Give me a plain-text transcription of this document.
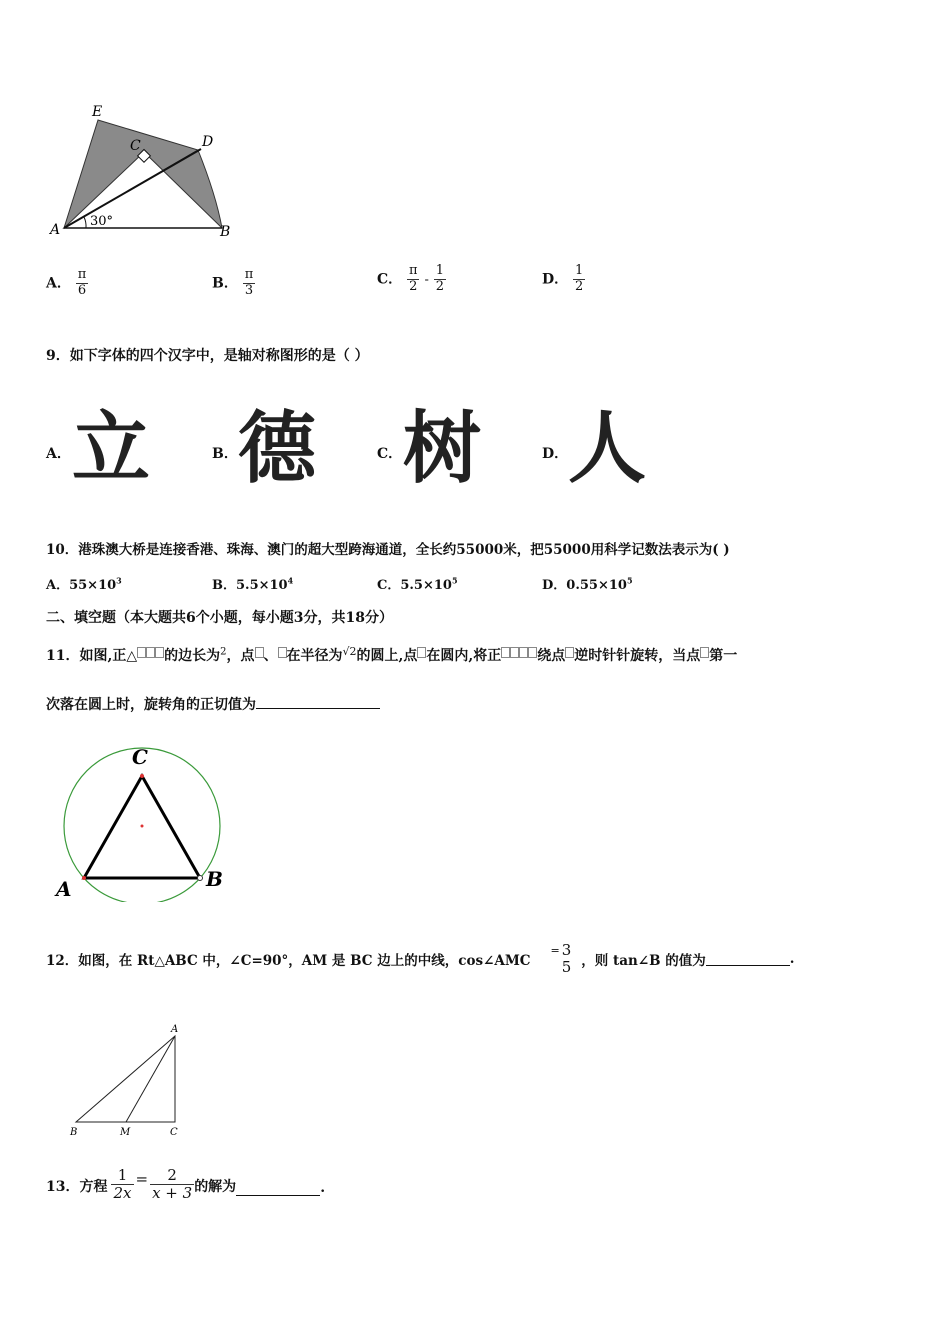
E
C	D
A	B
30°
A． $\frac{\pi}{6}$	B． $\frac{\pi}{3}$	C． $\frac{\pi}{2} - \frac{1}{2}$	D． $\frac{1}{2}$
9．如下字体的四个汉字中，是轴对称图形的是（ ）
A． 立	B． 德	C． 树	D． 人
10．港珠澳大桥是连接香港、珠海、澳门的超大型跨海通道，全长约55000米，把55000用科学记数法表示为( )
A．$55\times 10^3$	B．$5.5\times 10^4$	C．$5.5\times 10^5$	D．$0.55\times 10^5$
二、填空题（本大题共6个小题，每小题3分，共18分）
11．如图,正△ 的边长为$^2$，点 、 在半径为$^{√2}$的圆上,点 在圆内,将正	绕点 逆时针针旋转，当点 第一
次落在圆上时，旋转角的正切值为
C
A	B
12．如图，在 Rt△ABC 中，∠C=90°，AM 是 BC 边上的中线，cos∠AMC
= 3
5 ，则 tan∠B 的值为	.
A
B	M	C
13．方程 $\frac{1}{2x} = \frac{2}{x + 3}$ 的解为	.
